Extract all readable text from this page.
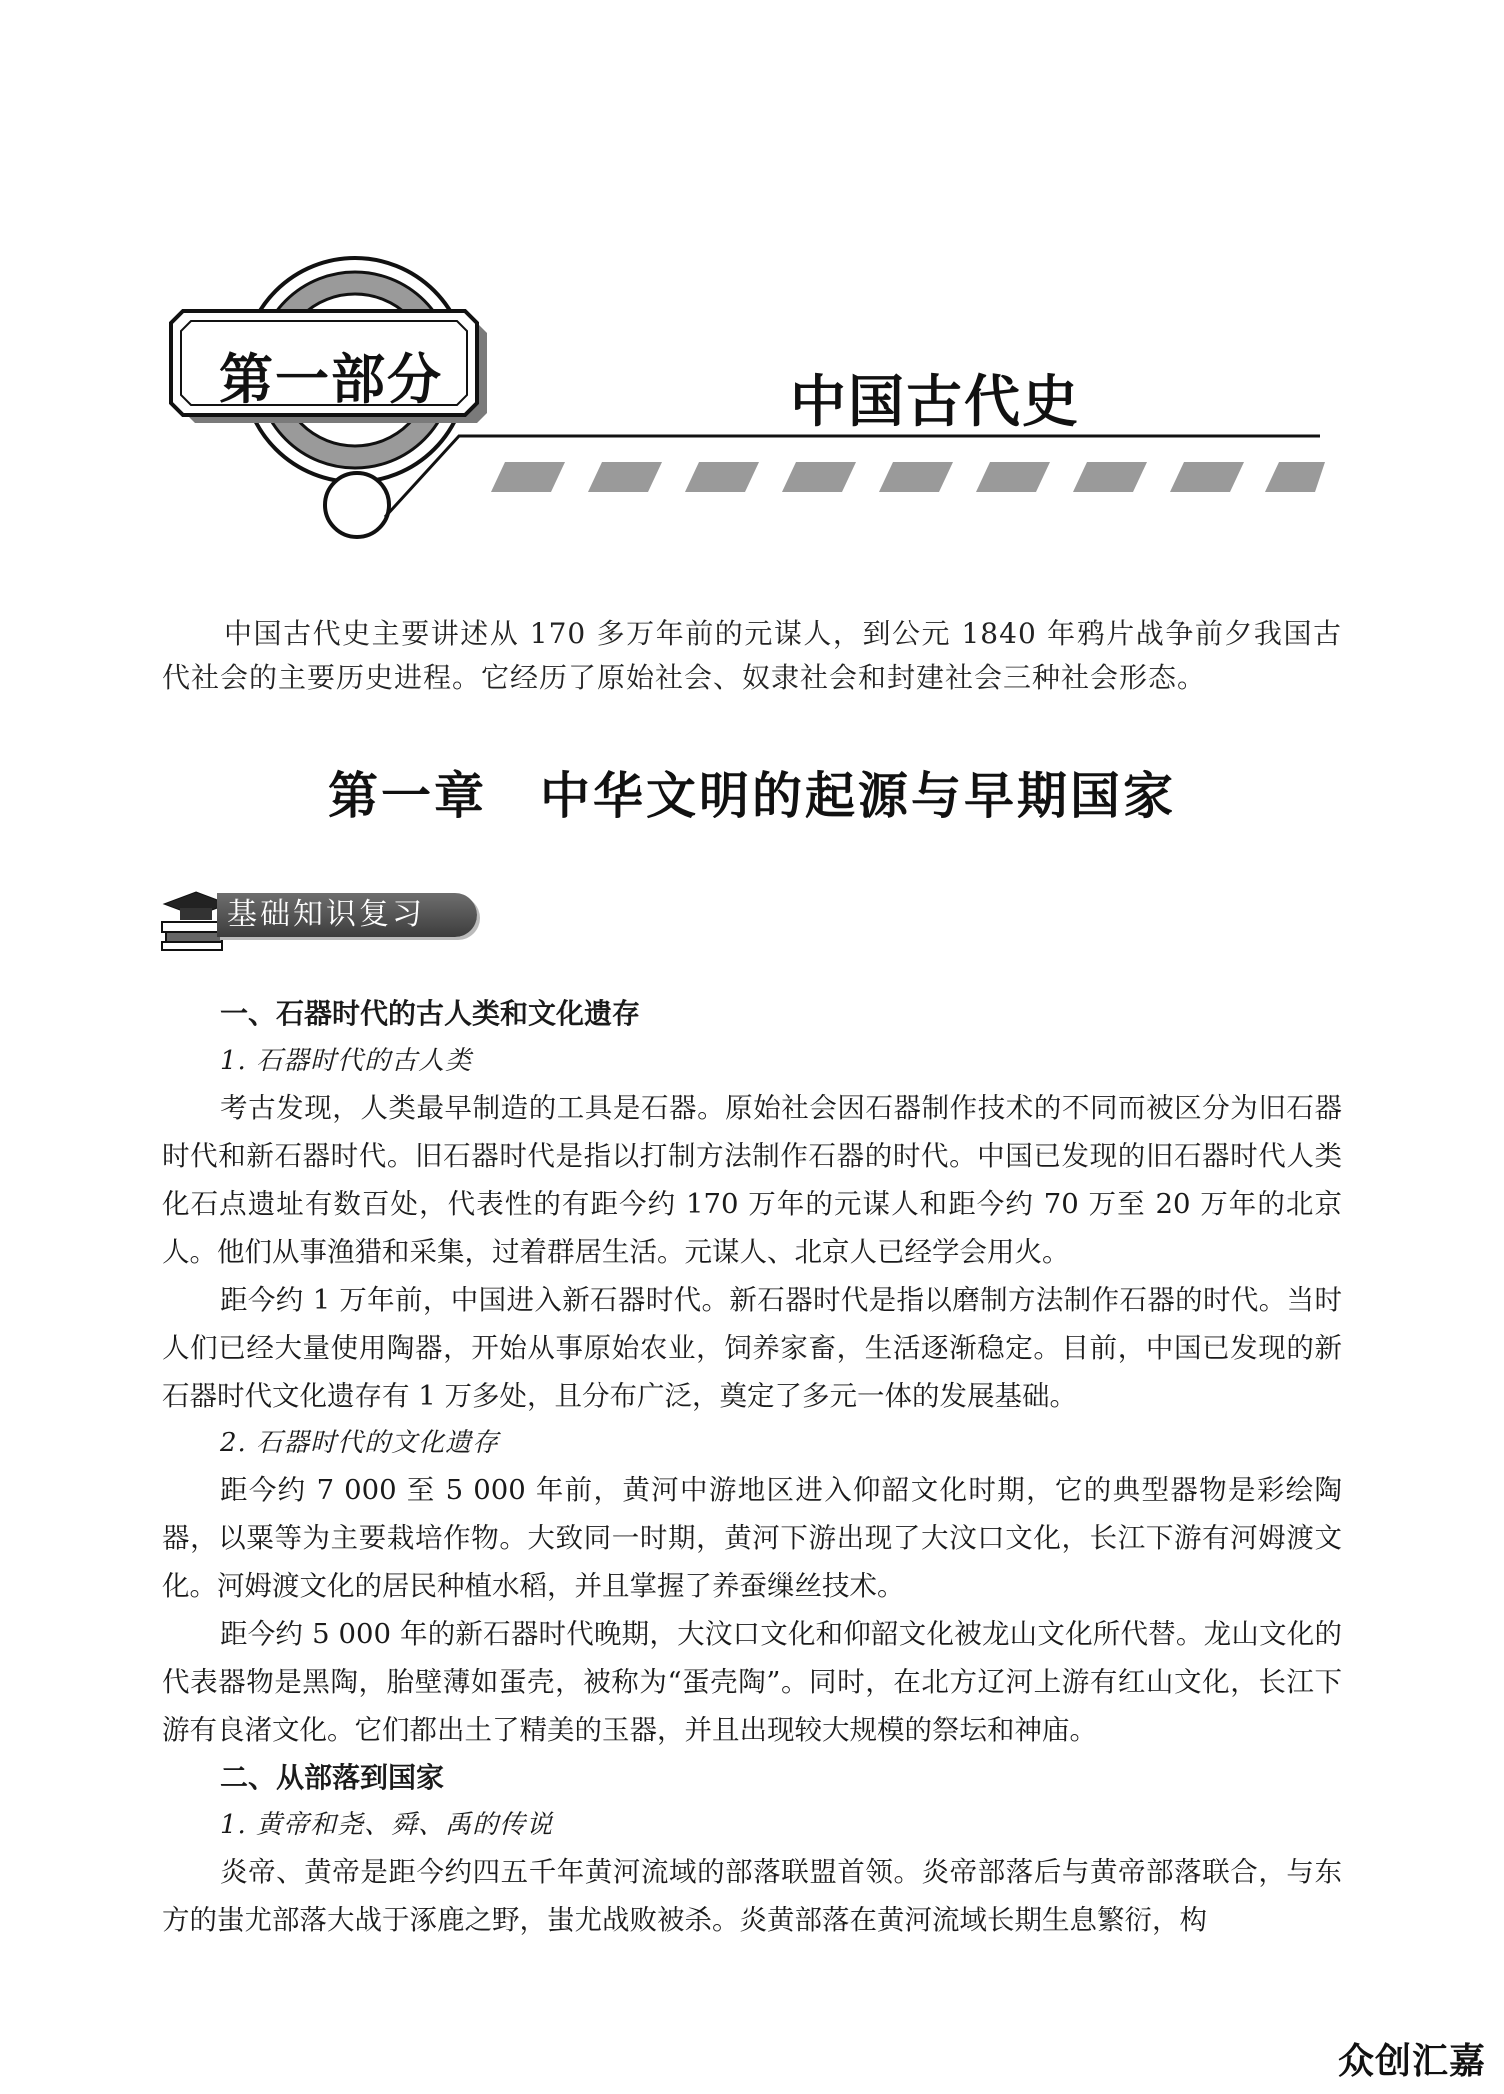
第一部分	中国古代史

中国古代史主要讲述从 170 多万年前的元谋人，到公元 1840 年鸦片战争前夕我国古代社会的主要历史进程。它经历了原始社会、奴隶社会和封建社会三种社会形态。

第一章　中华文明的起源与早期国家
基础知识复习
一、石器时代的古人类和文化遗存
1. 石器时代的古人类

考古发现，人类最早制造的工具是石器。原始社会因石器制作技术的不同而被区分为旧石器时代和新石器时代。旧石器时代是指以打制方法制作石器的时代。中国已发现的旧石器时代人类化石点遗址有数百处，代表性的有距今约 170 万年的元谋人和距今约 70 万至 20 万年的北京人。他们从事渔猎和采集，过着群居生活。元谋人、北京人已经学会用火。

距今约 1 万年前，中国进入新石器时代。新石器时代是指以磨制方法制作石器的时代。当时人们已经大量使用陶器，开始从事原始农业，饲养家畜，生活逐渐稳定。目前，中国已发现的新石器时代文化遗存有 1 万多处，且分布广泛，奠定了多元一体的发展基础。

2. 石器时代的文化遗存

距今约 7 000 至 5 000 年前，黄河中游地区进入仰韶文化时期，它的典型器物是彩绘陶器，以粟等为主要栽培作物。大致同一时期，黄河下游出现了大汶口文化，长江下游有河姆渡文化。河姆渡文化的居民种植水稻，并且掌握了养蚕缫丝技术。

距今约 5 000 年的新石器时代晚期，大汶口文化和仰韶文化被龙山文化所代替。龙山文化的代表器物是黑陶，胎壁薄如蛋壳，被称为“蛋壳陶”。同时，在北方辽河上游有红山文化，长江下游有良渚文化。它们都出土了精美的玉器，并且出现较大规模的祭坛和神庙。

二、从部落到国家
1. 黄帝和尧、舜、禹的传说

炎帝、黄帝是距今约四五千年黄河流域的部落联盟首领。炎帝部落后与黄帝部落联合，与东方的蚩尤部落大战于涿鹿之野，蚩尤战败被杀。炎黄部落在黄河流域长期生息繁衍，构

众创汇嘉
